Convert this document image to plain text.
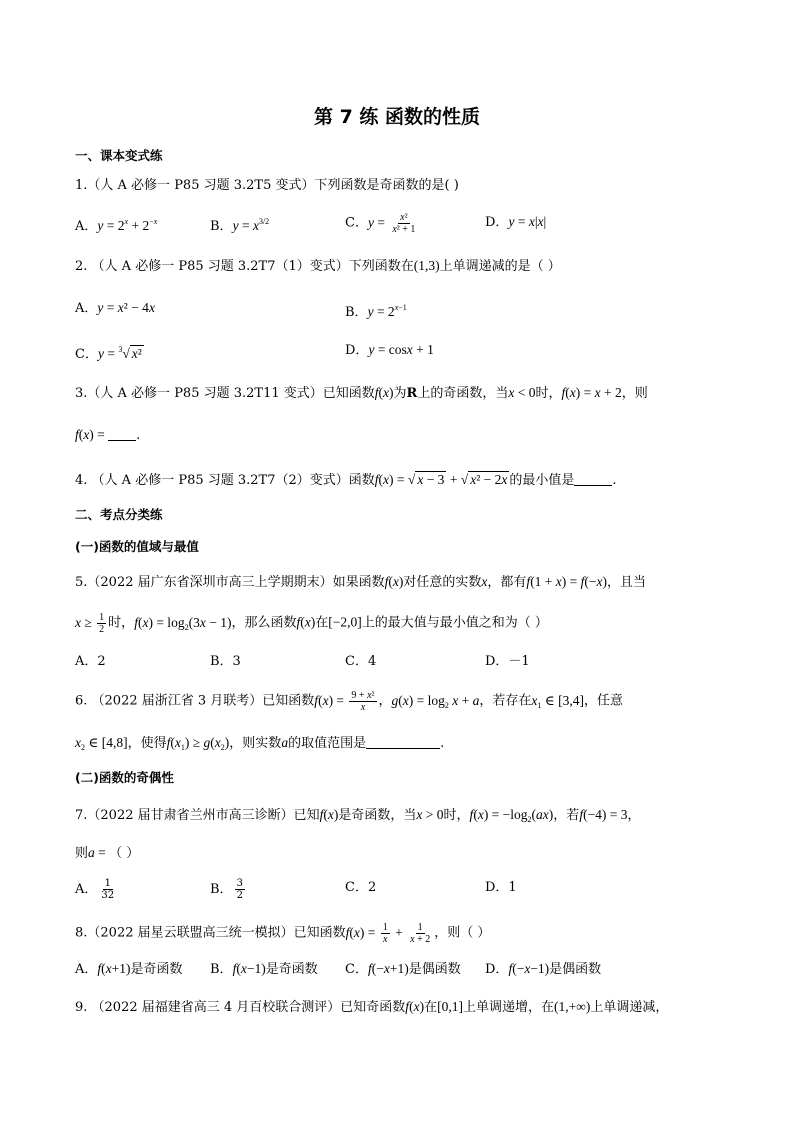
第 7 练 函数的性质
一、课本变式练
1.（人 A 必修一 P85 习题 3.2T5 变式）下列函数是奇函数的是( )
A．$y = 2^x + 2^{-x}$	B．$y = x^{3/2}$	C．$y = \frac{\text{x²}}{\text{x² + 1}}$	D．y = x|x|
2. （人 A 必修一 P85 习题 3.2T7（1）变式）下列函数在(1,3)上单调递减的是（ ）
A．y = x² − 4x	B．$y = 2^{x-1}$
C．y = $^3$√ x²	D．y = cosx + 1
3.（人 A 必修一 P85 习题 3.2T11 变式）已知函数f(x)为R上的奇函数，当x < 0时，f(x) = x + 2，则
f(x) = .
4. （人 A 必修一 P85 习题 3.2T7（2）变式）函数f(x) = √ x − 3 + √ x² − 2x 的最小值是	.
二、考点分类练
(一)函数的值域与最值
5.（2022 届广东省深圳市高三上学期期末）如果函数f(x)对任意的实数x，都有f(1 + x) = f(−x)，且当
$x \ge \frac{1}{2}$ 时，$f(x) = \log_2(3x - 1)$，那么函数f(x)在[−2,0]上的最大值与最小值之和为（ ）
A．2	B．3	C．4	D．－1
6. （2022 届浙江省 3 月联考）已知函数$f(x) = \frac{\text{9 + x²}}{x}$ ，$g(x) = \log_2 x + a$，若存在$x_1$ ∈ [3,4]，任意
$x_2$ ∈ [4,8]，使得$f(x_1) \ge g(x_2)$，则实数a的取值范围是	.
(二)函数的奇偶性
7.（2022 届甘肃省兰州市高三诊断）已知f(x)是奇函数，当x > 0时，$f(x) = -\log_2(ax)$，若f(−4) = 3，
则a = （ ）
A． $\frac{1}{32}$	B． $\frac{3}{2}$	C．2	D．1
8.（2022 届星云联盟高三统一模拟）已知函数$f(x) = \frac{1}{x} + \frac{1}{x + 2}$ ，则（ ）
A．f(x+1)是奇函数 B．f(x−1)是奇函数 C．f(−x+1)是偶函数 D．f(−x−1)是偶函数
9. （2022 届福建省高三 4 月百校联合测评）已知奇函数f(x)在[0,1]上单调递增，在(1,+∞)上单调递减，
